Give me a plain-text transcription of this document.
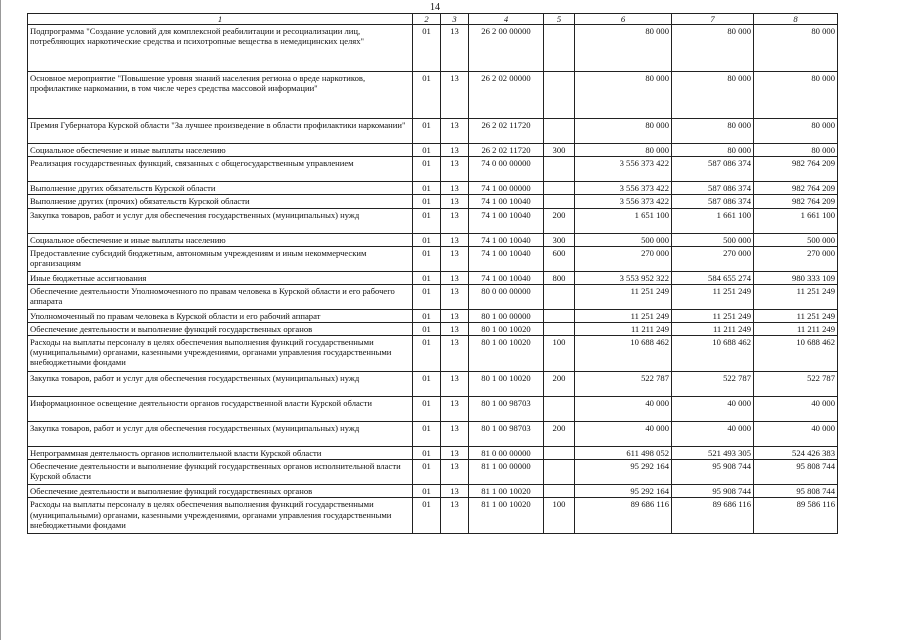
14
1	2	3	4	5	6	7	8
Подпрограмма "Создание условий для комплексной реабилитации и ресоциализации лиц, потребляющих наркотические средства и психотропные вещества в немедицинских целях"	01	13	26 2 00 00000		80 000	80 000	80 000
Основное мероприятие "Повышение уровня знаний населения региона о вреде наркотиков, профилактике наркомании, в том числе через средства массовой информации"	01	13	26 2 02 00000		80 000	80 000	80 000
Премия Губернатора Курской области "За лучшее произведение в области профилактики наркомании"	01	13	26 2 02 11720		80 000	80 000	80 000
Социальное обеспечение и иные выплаты населению	01	13	26 2 02 11720	300	80 000	80 000	80 000
Реализация государственных функций, связанных с общегосударственным управлением	01	13	74 0 00 00000		3 556 373 422	587 086 374	982 764 209
Выполнение других обязательств Курской области	01	13	74 1 00 00000		3 556 373 422	587 086 374	982 764 209
Выполнение других (прочих) обязательств Курской области	01	13	74 1 00 10040		3 556 373 422	587 086 374	982 764 209
Закупка товаров, работ и услуг для обеспечения государственных (муниципальных) нужд	01	13	74 1 00 10040	200	1 651 100	1 661 100	1 661 100
Социальное обеспечение и иные выплаты населению	01	13	74 1 00 10040	300	500 000	500 000	500 000
Предоставление субсидий бюджетным, автономным учреждениям и иным некоммерческим организациям	01	13	74 1 00 10040	600	270 000	270 000	270 000
Иные бюджетные ассигнования	01	13	74 1 00 10040	800	3 553 952 322	584 655 274	980 333 109
Обеспечение деятельности Уполномоченного по правам человека в Курской области и его рабочего аппарата	01	13	80 0 00 00000		11 251 249	11 251 249	11 251 249
Уполномоченный по правам человека в Курской области и его рабочий аппарат	01	13	80 1 00 00000		11 251 249	11 251 249	11 251 249
Обеспечение деятельности и выполнение функций государственных органов	01	13	80 1 00 10020		11 211 249	11 211 249	11 211 249
Расходы на выплаты персоналу в целях обеспечения выполнения функций государственными (муниципальными) органами, казенными учреждениями, органами управления государственными внебюджетными фондами	01	13	80 1 00 10020	100	10 688 462	10 688 462	10 688 462
Закупка товаров, работ и услуг для обеспечения государственных (муниципальных) нужд	01	13	80 1 00 10020	200	522 787	522 787	522 787
Информационное освещение деятельности органов государственной власти Курской области	01	13	80 1 00 98703		40 000	40 000	40 000
Закупка товаров, работ и услуг для обеспечения государственных (муниципальных) нужд	01	13	80 1 00 98703	200	40 000	40 000	40 000
Непрограммная деятельность органов исполнительной власти Курской области	01	13	81 0 00 00000		611 498 052	521 493 305	524 426 383
Обеспечение деятельности и выполнение функций государственных органов исполнительной власти Курской области	01	13	81 1 00 00000		95 292 164	95 908 744	95 808 744
Обеспечение деятельности и выполнение функций государственных органов	01	13	81 1 00 10020		95 292 164	95 908 744	95 808 744
Расходы на выплаты персоналу в целях обеспечения выполнения функций государственными (муниципальными) органами, казенными учреждениями, органами управления государственными внебюджетными фондами	01	13	81 1 00 10020	100	89 686 116	89 686 116	89 586 116
